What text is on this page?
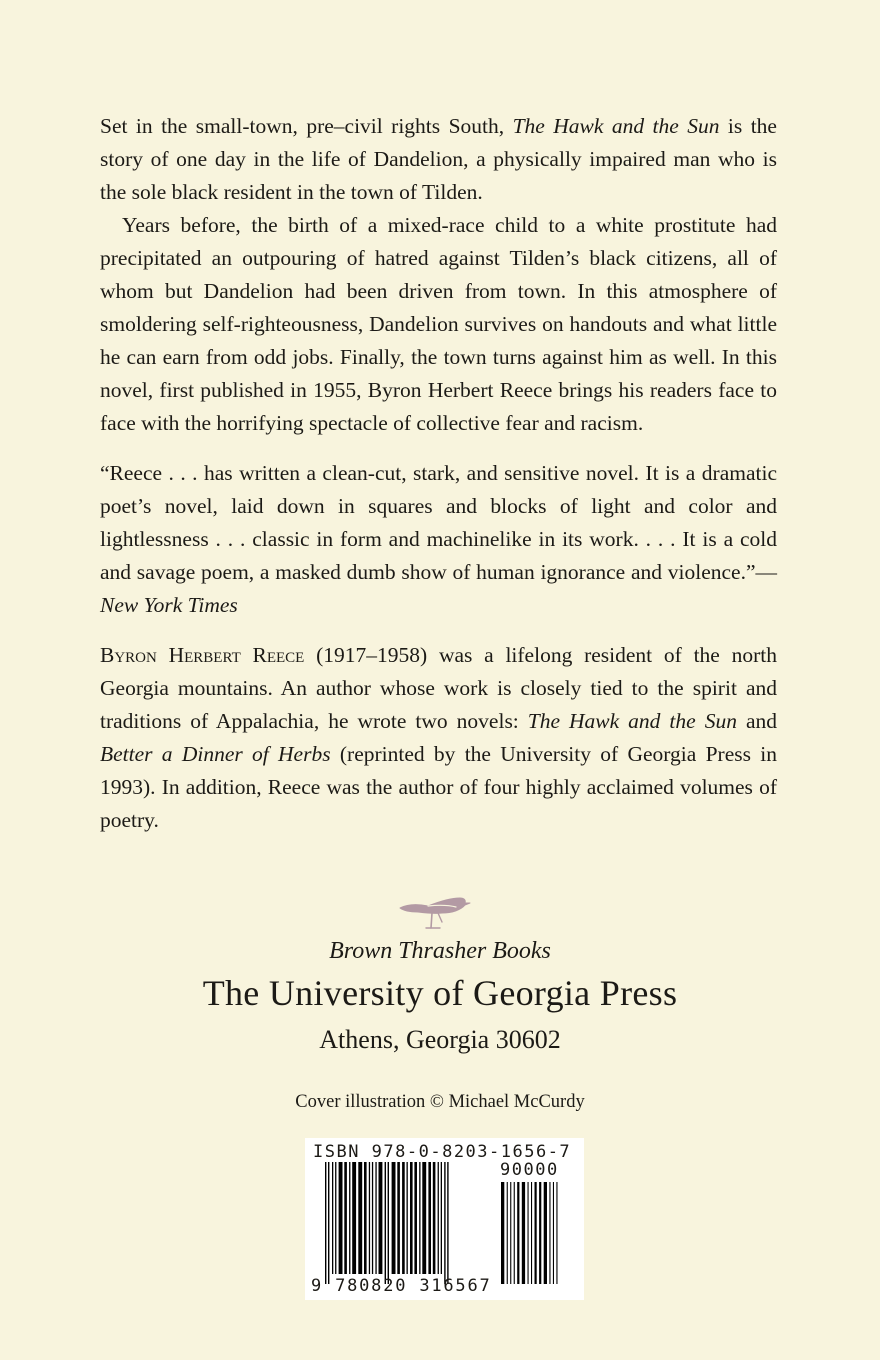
Set in the small-town, pre–civil rights South, The Hawk and the Sun is the story of one day in the life of Dandelion, a physically impaired man who is the sole black resident in the town of Tilden.

Years before, the birth of a mixed-race child to a white prostitute had precipitated an outpouring of hatred against Tilden’s black citizens, all of whom but Dandelion had been driven from town. In this atmosphere of smoldering self-righteousness, Dandelion survives on handouts and what little he can earn from odd jobs. Finally, the town turns against him as well. In this novel, first published in 1955, Byron Herbert Reece brings his readers face to face with the horrifying spectacle of collective fear and racism.

“Reece . . . has written a clean-cut, stark, and sensitive novel. It is a dramatic poet’s novel, laid down in squares and blocks of light and color and lightlessness . . . classic in form and machinelike in its work. . . . It is a cold and savage poem, a masked dumb show of human ignorance and violence.”—New York Times

Byron Herbert Reece (1917–1958) was a lifelong resident of the north Georgia mountains. An author whose work is closely tied to the spirit and traditions of Appalachia, he wrote two novels: The Hawk and the Sun and Better a Dinner of Herbs (reprinted by the University of Georgia Press in 1993). In addition, Reece was the author of four highly acclaimed volumes of poetry.

Brown Thrasher Books
The University of Georgia Press
Athens, Georgia 30602
Cover illustration © Michael McCurdy
ISBN 978-0-8203-1656-7
90000
9 780820 316567
